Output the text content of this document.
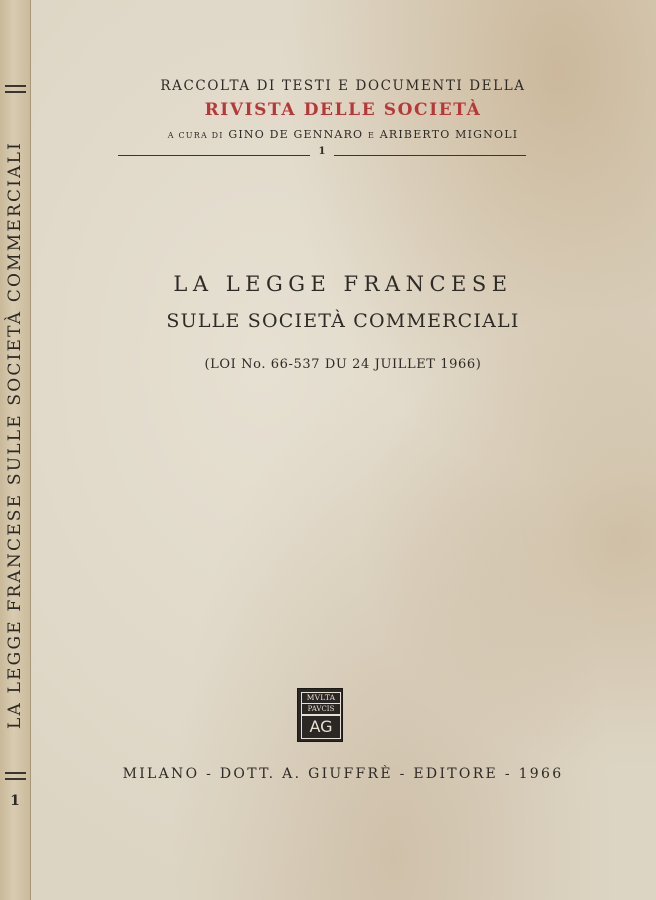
LA LEGGE FRANCESE SULLE SOCIETÀ COMMERCIALI
1
RACCOLTA DI TESTI E DOCUMENTI DELLA
RIVISTA DELLE SOCIETÀ
A CURA DI GINO DE GENNARO E ARIBERTO MIGNOLI
1
LA LEGGE FRANCESE
SULLE SOCIETÀ COMMERCIALI
(LOI No. 66-537 DU 24 JUILLET 1966)
MVLTA
PAVCIS
AG
MILANO - DOTT. A. GIUFFRÈ - EDITORE - 1966
